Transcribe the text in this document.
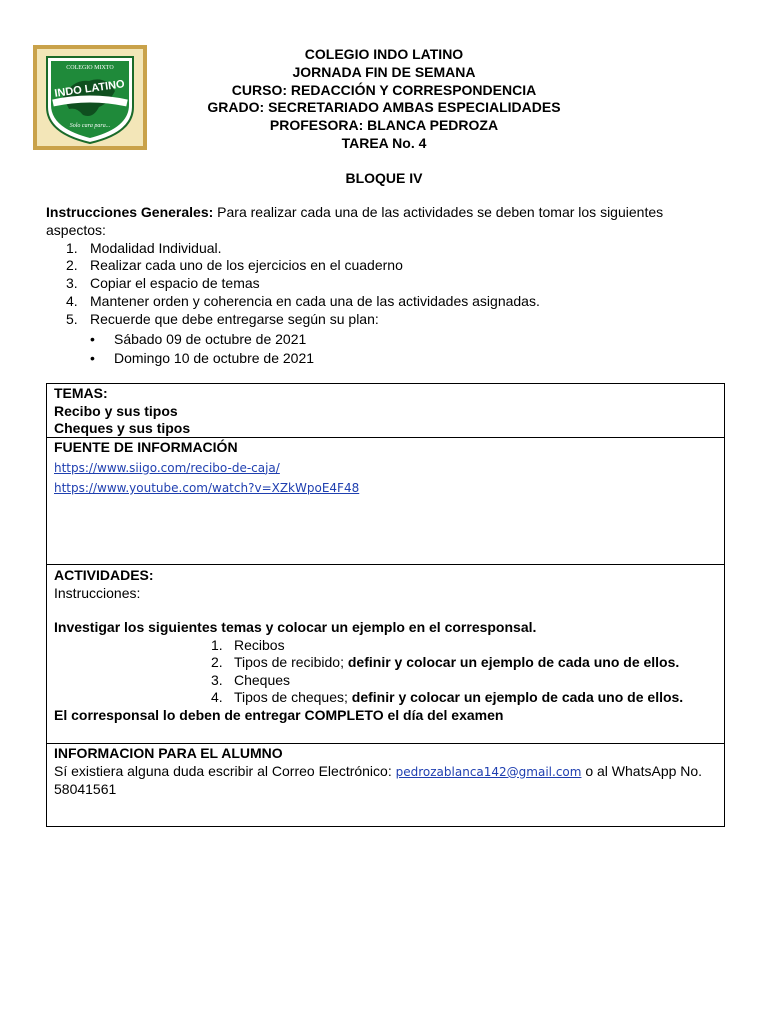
COLEGIO MIXTO
INDO LATINO
Solo cara para...
COLEGIO INDO LATINO
JORNADA FIN DE SEMANA
CURSO: REDACCIÓN Y CORRESPONDENCIA
GRADO: SECRETARIADO AMBAS ESPECIALIDADES
PROFESORA: BLANCA PEDROZA
TAREA No. 4
BLOQUE IV
Instrucciones Generales: Para realizar cada una de las actividades se deben tomar los siguientes aspectos:
1. Modalidad Individual.
2. Realizar cada uno de los ejercicios en el cuaderno
3. Copiar el espacio de temas
4. Mantener orden y coherencia en cada una de las actividades asignadas.
5. Recuerde que debe entregarse según su plan:
• Sábado 09 de octubre de 2021
• Domingo 10 de octubre de 2021
TEMAS:
Recibo y sus tipos
Cheques y sus tipos
FUENTE DE INFORMACIÓN
https://www.siigo.com/recibo-de-caja/
https://www.youtube.com/watch?v=XZkWpoE4F48
ACTIVIDADES:
Instrucciones:
Investigar los siguientes temas y colocar un ejemplo en el corresponsal.
1. Recibos
2. Tipos de recibido; definir y colocar un ejemplo de cada uno de ellos.
3. Cheques
4. Tipos de cheques; definir y colocar un ejemplo de cada uno de ellos.
El corresponsal lo deben de entregar COMPLETO el día del examen
INFORMACION PARA EL ALUMNO
Sí existiera alguna duda escribir al Correo Electrónico: pedrozablanca142@gmail.com o al WhatsApp No. 58041561
